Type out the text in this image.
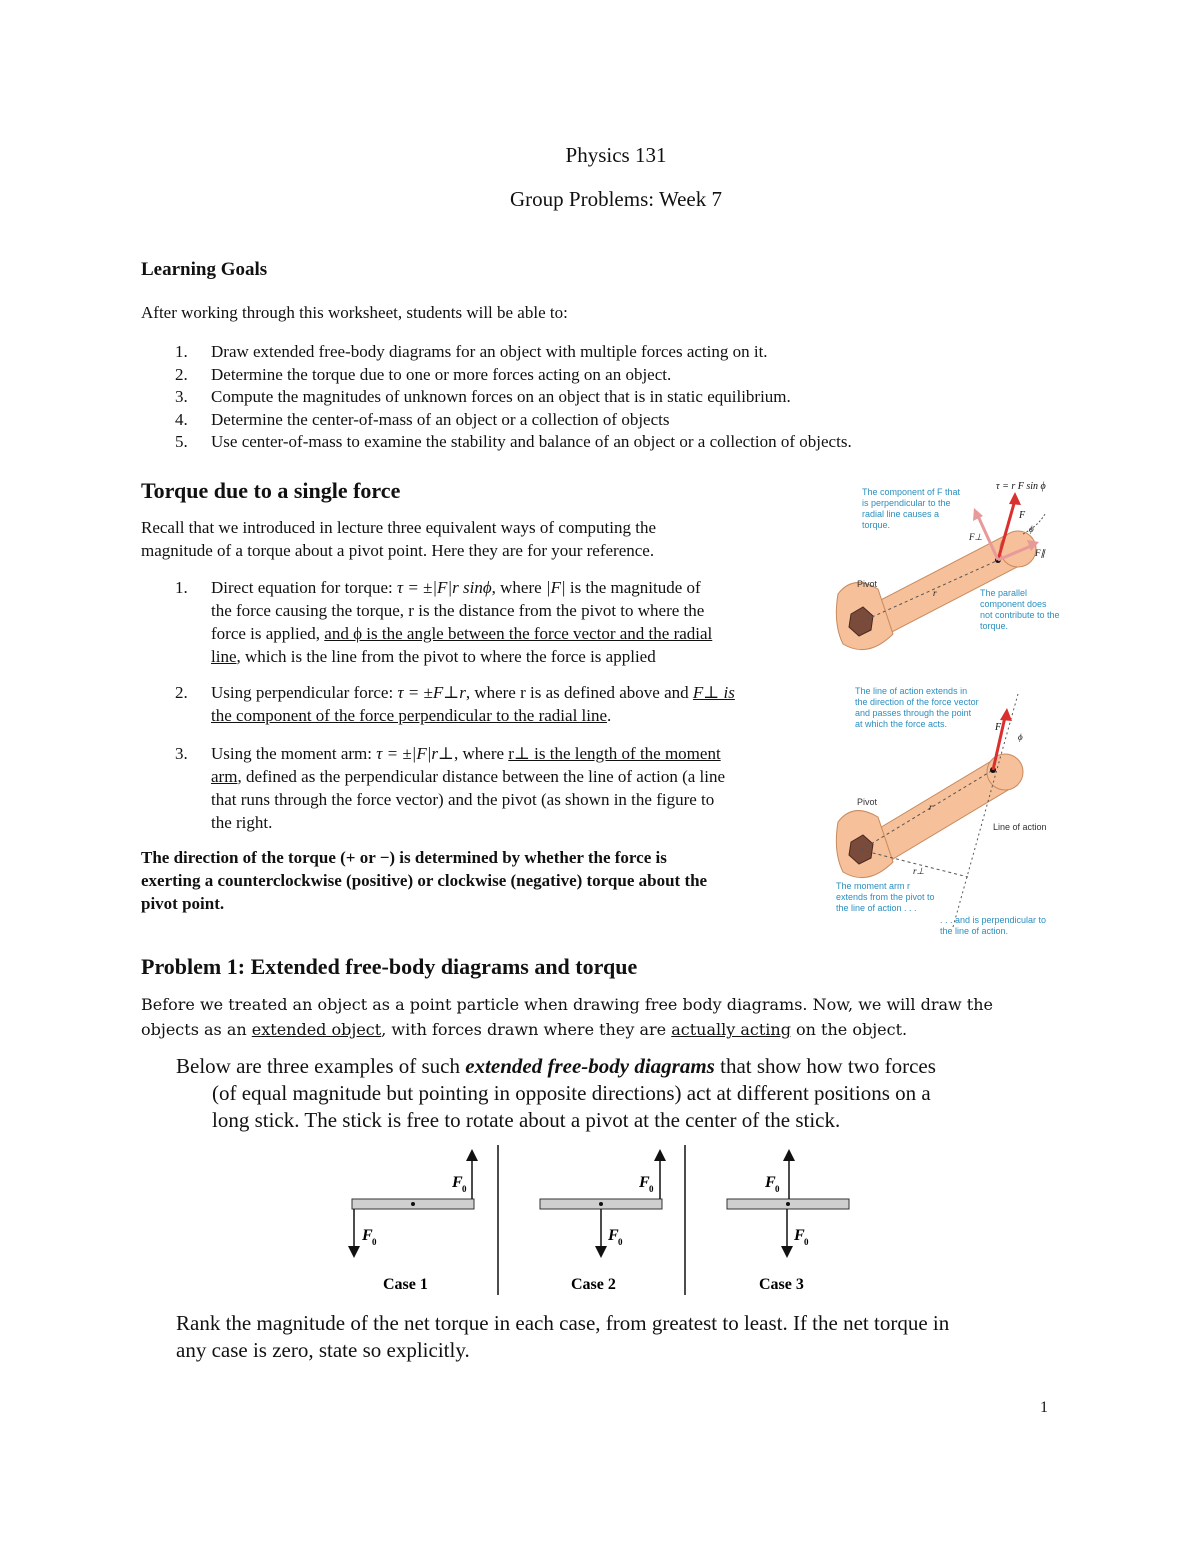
Physics 131
Group Problems: Week 7
Learning Goals
After working through this worksheet, students will be able to:
1. Draw extended free-body diagrams for an object with multiple forces acting on it.
2. Determine the torque due to one or more forces acting on an object.
3. Compute the magnitudes of unknown forces on an object that is in static equilibrium.
4. Determine the center-of-mass of an object or a collection of objects
5. Use center-of-mass to examine the stability and balance of an object or a collection of objects.
Torque due to a single force
Recall that we introduced in lecture three equivalent ways of computing the
magnitude of a torque about a pivot point. Here they are for your reference.
1. Direct equation for torque: τ = ±|F|r sinϕ, where |F| is the magnitude of
the force causing the torque, r is the distance from the pivot to where the
force is applied, and ϕ is the angle between the force vector and the radial
line, which is the line from the pivot to where the force is applied
2. Using perpendicular force: τ = ±F⊥r, where r is as defined above and F⊥ is
the component of the force perpendicular to the radial line.
3. Using the moment arm: τ = ±|F|r⊥, where r⊥ is the length of the moment
arm, defined as the perpendicular distance between the line of action (a line
that runs through the force vector) and the pivot (as shown in the figure to
the right.
The direction of the torque (+ or −) is determined by whether the force is
exerting a counterclockwise (positive) or clockwise (negative) torque about the
pivot point.
τ = r F sin ϕ
F
ϕ
F⊥
F∥
r
Pivot
The component of F that is perpendicular to the radial line causes a torque.
The parallel component does not contribute to the torque.
F
ϕ
r
r⊥
Pivot
Line of action
The line of action extends in the direction of the force vector and passes through the point at which the force acts.
The moment arm r extends from the pivot to the line of action . . .
. . . and is perpendicular to the line of action.
Problem 1: Extended free-body diagrams and torque
Before we treated an object as a point particle when drawing free body diagrams. Now, we will draw the
objects as an extended object, with forces drawn where they are actually acting on the object.
Below are three examples of such extended free-body diagrams that show how two forces
(of equal magnitude but pointing in opposite directions) act at different positions on a
long stick. The stick is free to rotate about a pivot at the center of the stick.
F 0
F 0
Case 1
F 0
F 0
Case 2
F 0
F 0
Case 3
Rank the magnitude of the net torque in each case, from greatest to least. If the net torque in
any case is zero, state so explicitly.
1
